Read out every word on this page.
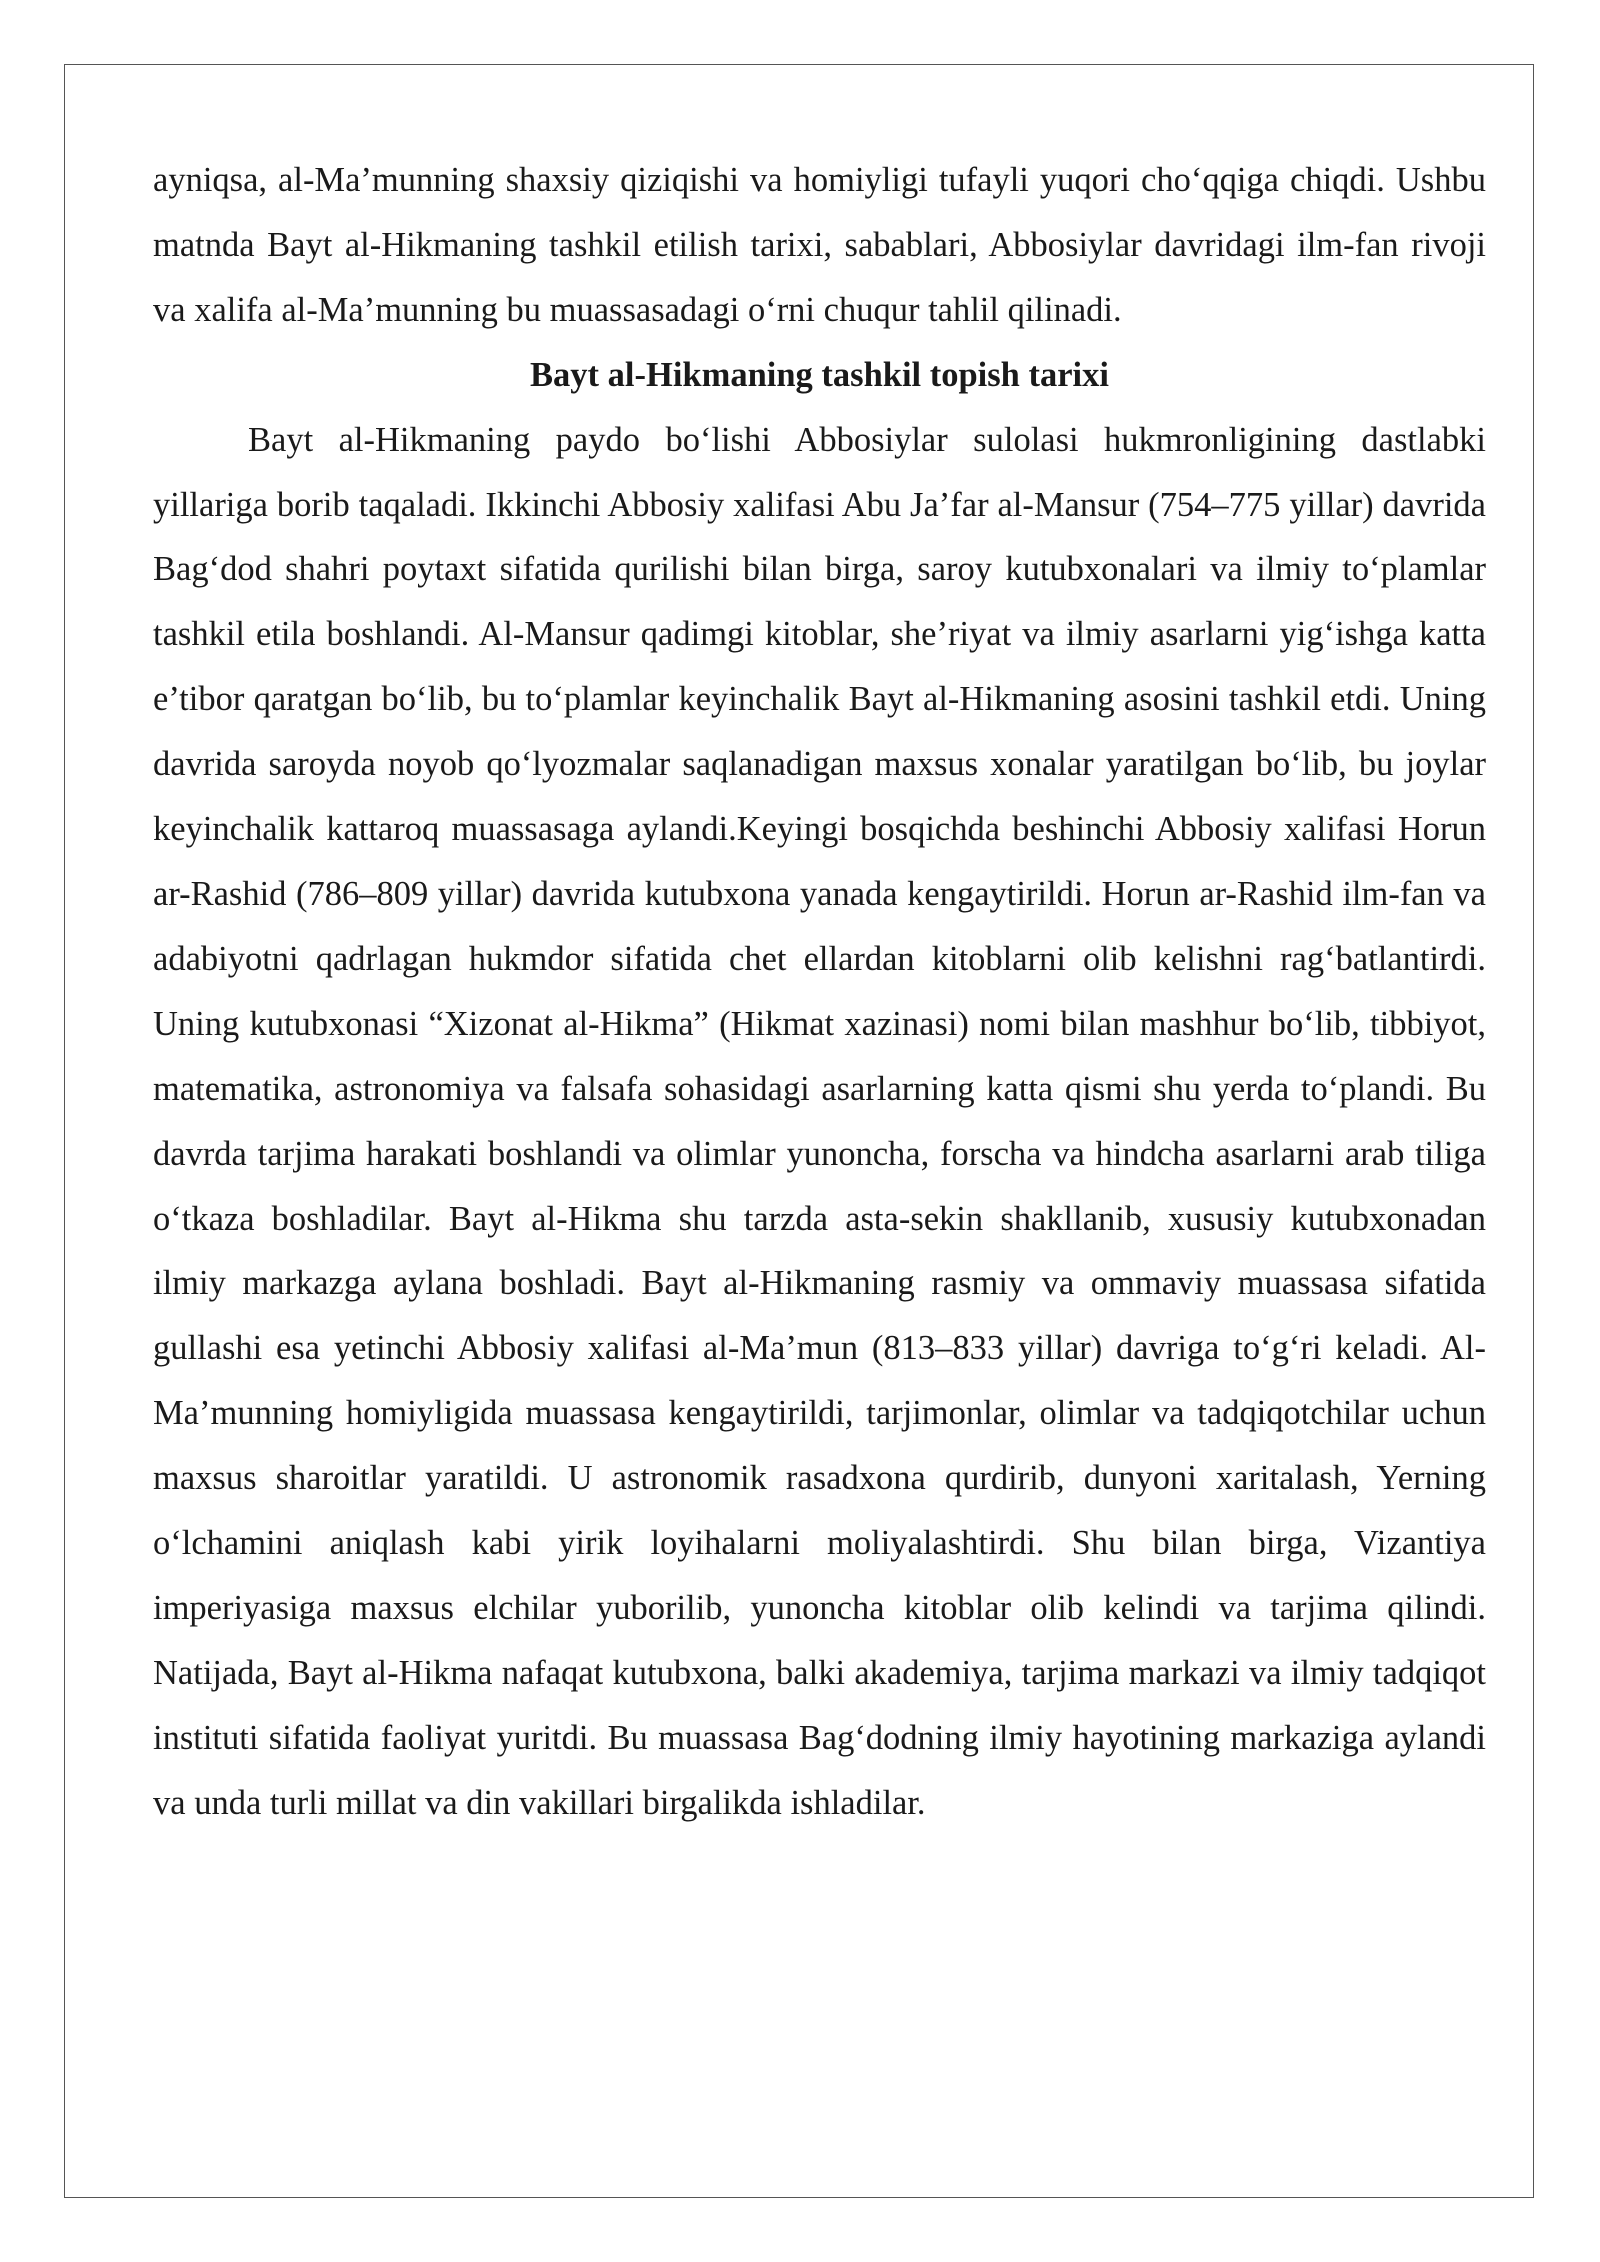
ayniqsa, al-Ma’munning shaxsiy qiziqishi va homiyligi tufayli yuqori cho‘qqiga chiqdi. Ushbu matnda Bayt al-Hikmaning tashkil etilish tarixi, sabablari, Abbosiylar davridagi ilm-fan rivoji va xalifa al-Ma’munning bu muassasadagi o‘rni chuqur tahlil qilinadi.

Bayt al-Hikmaning tashkil topish tarixi

Bayt al-Hikmaning paydo bo‘lishi Abbosiylar sulolasi hukmronligining dastlabki yillariga borib taqaladi. Ikkinchi Abbosiy xalifasi Abu Ja’far al-Mansur (754–775 yillar) davrida Bag‘dod shahri poytaxt sifatida qurilishi bilan birga, saroy kutubxonalari va ilmiy to‘plamlar tashkil etila boshlandi. Al-Mansur qadimgi kitoblar, she’riyat va ilmiy asarlarni yig‘ishga katta e’tibor qaratgan bo‘lib, bu to‘plamlar keyinchalik Bayt al-Hikmaning asosini tashkil etdi. Uning davrida saroyda noyob qo‘lyozmalar saqlanadigan maxsus xonalar yaratilgan bo‘lib, bu joylar keyinchalik kattaroq muassasaga aylandi.Keyingi bosqichda beshinchi Abbosiy xalifasi Horun ar-Rashid (786–809 yillar) davrida kutubxona yanada kengaytirildi. Horun ar-Rashid ilm-fan va adabiyotni qadrlagan hukmdor sifatida chet ellardan kitoblarni olib kelishni rag‘batlantirdi. Uning kutubxonasi “Xizonat al-Hikma” (Hikmat xazinasi) nomi bilan mashhur bo‘lib, tibbiyot, matematika, astronomiya va falsafa sohasidagi asarlarning katta qismi shu yerda to‘plandi. Bu davrda tarjima harakati boshlandi va olimlar yunoncha, forscha va hindcha asarlarni arab tiliga o‘tkaza boshladilar. Bayt al-Hikma shu tarzda asta-sekin shakllanib, xususiy kutubxonadan ilmiy markazga aylana boshladi. Bayt al-Hikmaning rasmiy va ommaviy muassasa sifatida gullashi esa yetinchi Abbosiy xalifasi al-Ma’mun (813–833 yillar) davriga to‘g‘ri keladi. Al-Ma’munning homiyligida muassasa kengaytirildi, tarjimonlar, olimlar va tadqiqotchilar uchun maxsus sharoitlar yaratildi. U astronomik rasadxona qurdirib, dunyoni xaritalash, Yerning o‘lchamini aniqlash kabi yirik loyihalarni moliyalashtirdi. Shu bilan birga, Vizantiya imperiyasiga maxsus elchilar yuborilib, yunoncha kitoblar olib kelindi va tarjima qilindi. Natijada, Bayt al-Hikma nafaqat kutubxona, balki akademiya, tarjima markazi va ilmiy tadqiqot instituti sifatida faoliyat yuritdi. Bu muassasa Bag‘dodning ilmiy hayotining markaziga aylandi va unda turli millat va din vakillari birgalikda ishladilar.
